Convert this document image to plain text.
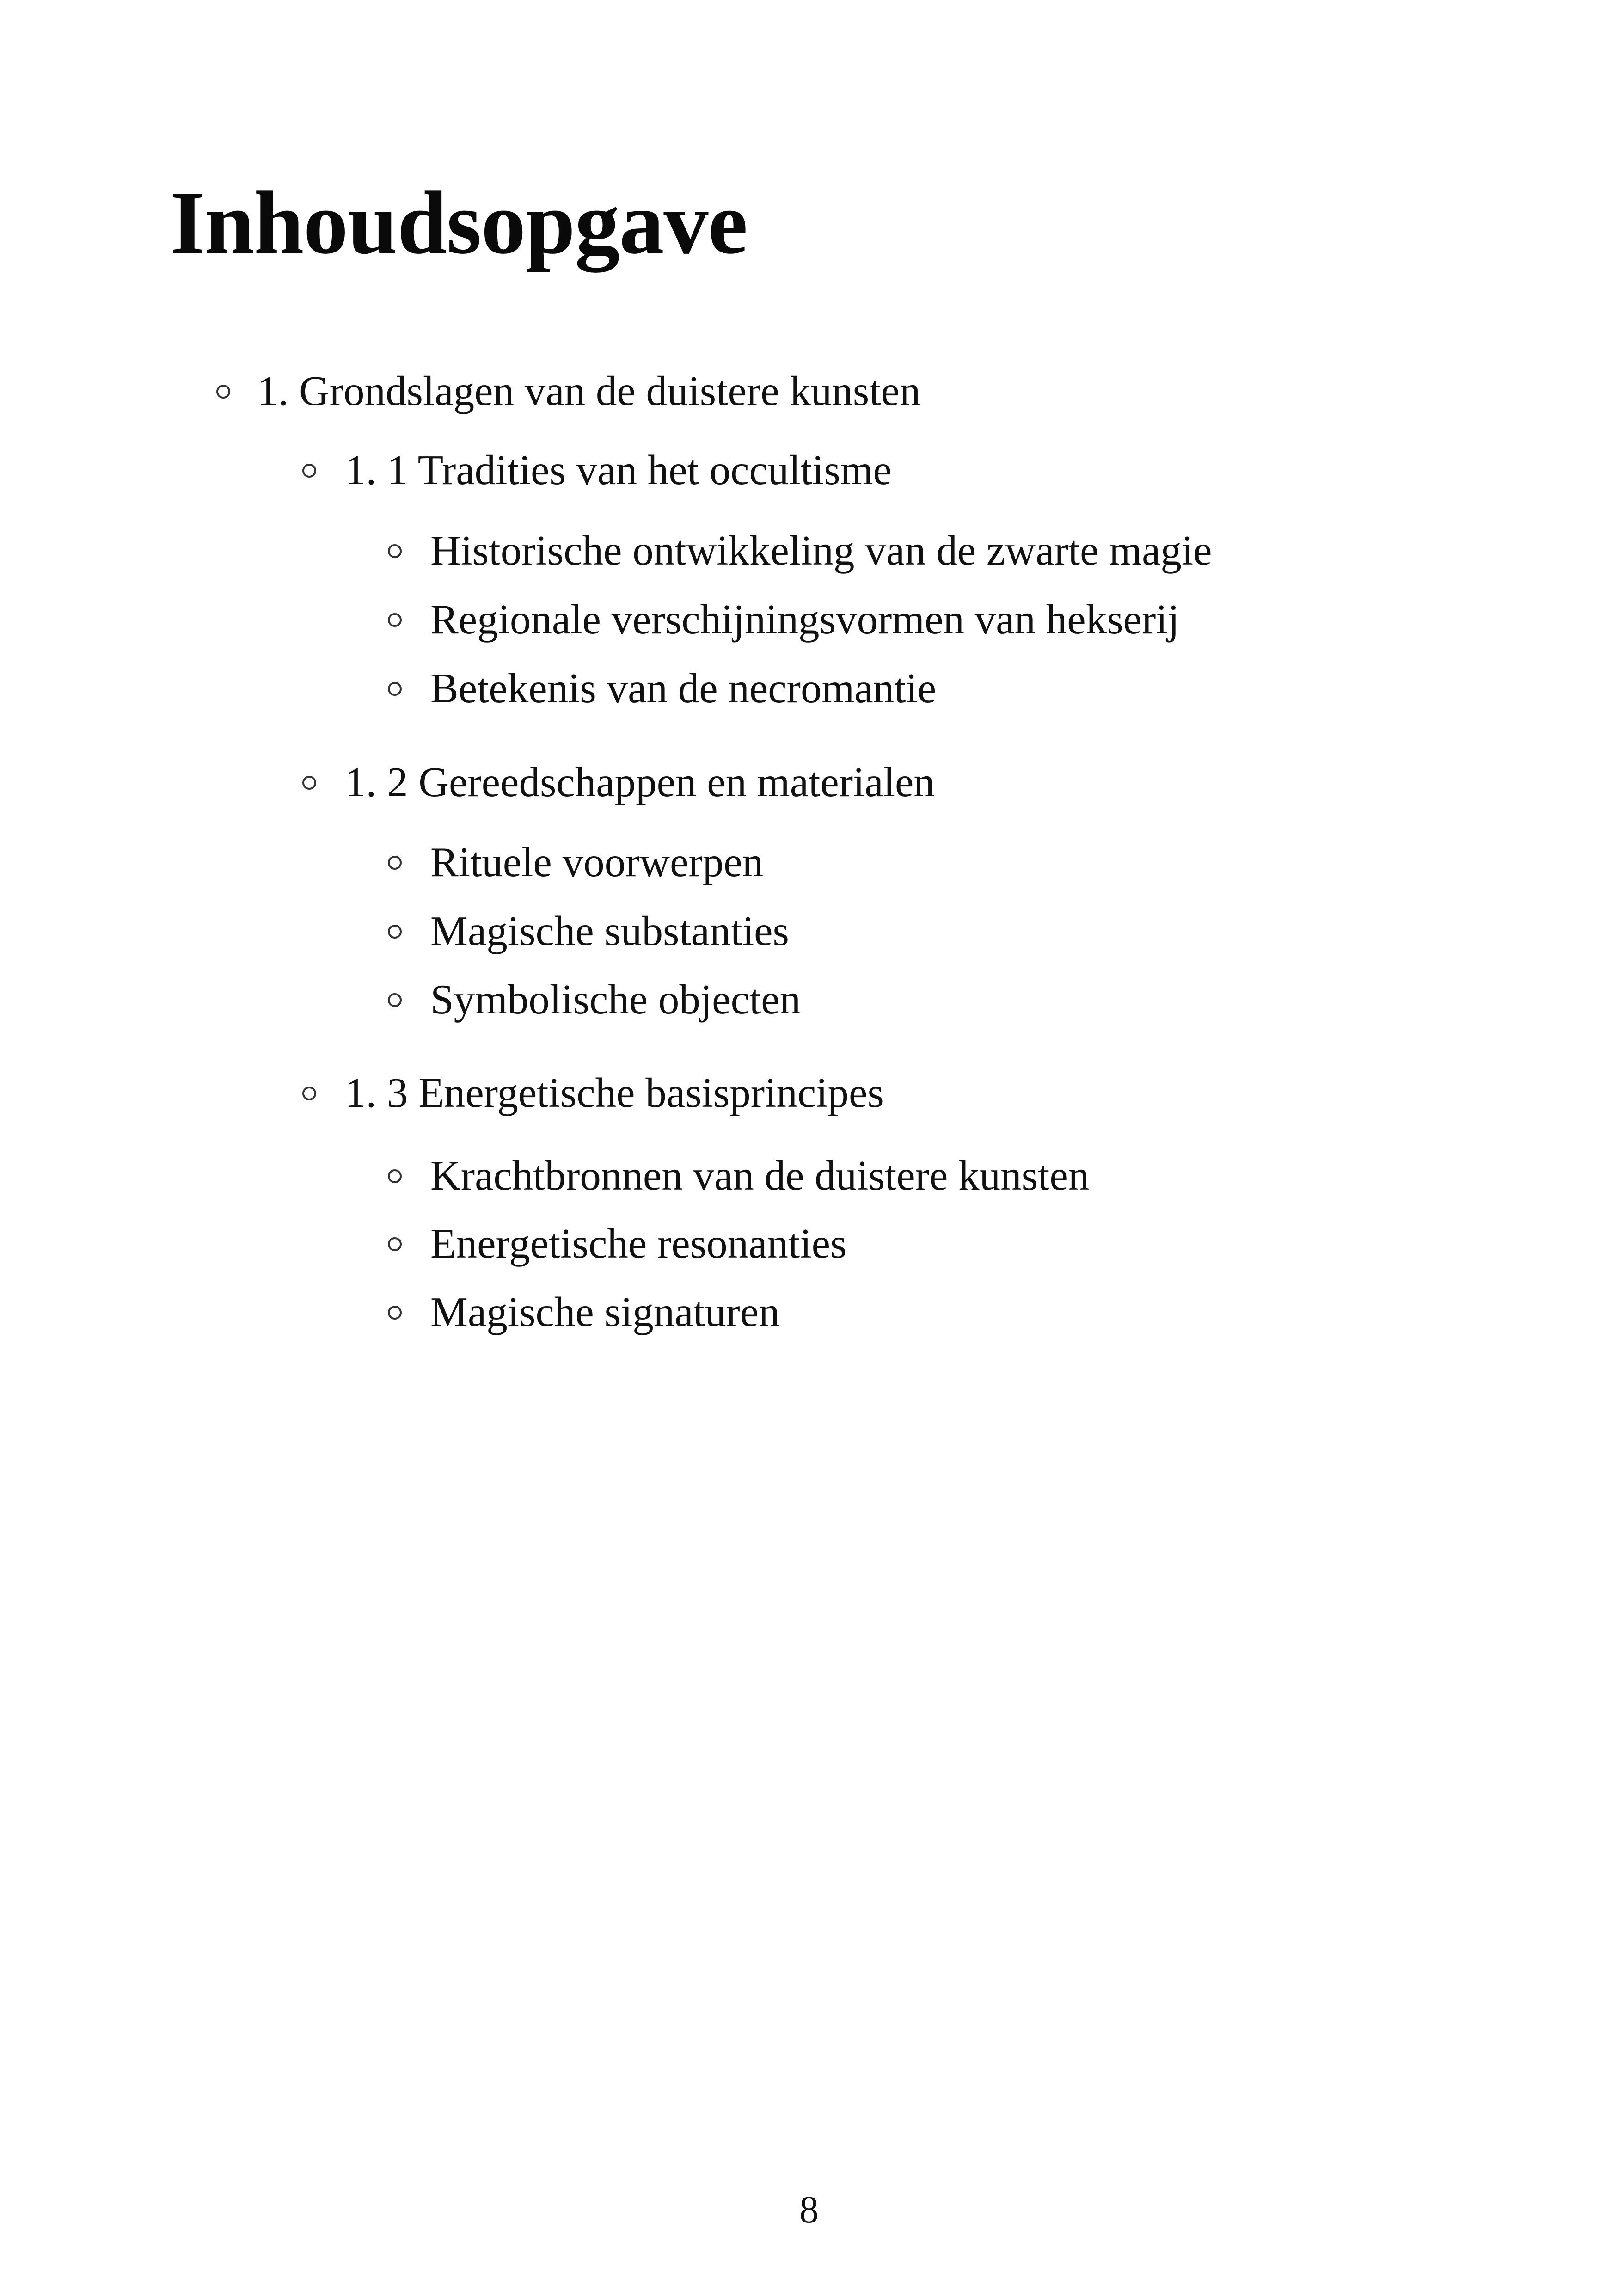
Inhoudsopgave
1. Grondslagen van de duistere kunsten
1. 1 Tradities van het occultisme
Historische ontwikkeling van de zwarte magie
Regionale verschijningsvormen van hekserij
Betekenis van de necromantie
1. 2 Gereedschappen en materialen
Rituele voorwerpen
Magische substanties
Symbolische objecten
1. 3 Energetische basisprincipes
Krachtbronnen van de duistere kunsten
Energetische resonanties
Magische signaturen
8
